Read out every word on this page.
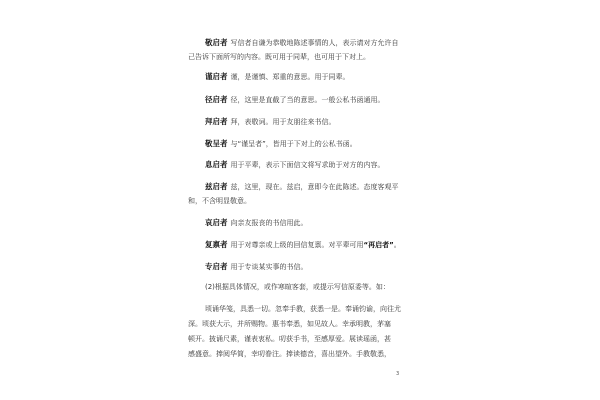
敬启者 写信者自谦为恭敬地陈述事情的人，表示请对方允许自
己告诉下面所写的内容。既可用于同辈，也可用于下对上。
谨启者 谨，是谨慎、郑重的意思。用于同辈。
径启者 径，这里是直截了当的意思。一般公私书函通用。
拜启者 拜，表敬词。用于友朋往来书信。
敬呈者 与“谨呈者”，皆用于下对上的公私书函。
息启者 用于平辈，表示下面信文将写求助于对方的内容。
兹启者 兹，这里，现在。兹启，意即今在此陈述。态度客观平
和，不含明显敬意。
哀启者 向亲友报丧的书信用此。
复禀者 用于对尊亲或上级的回信复禀。对平辈可用“再启者”。
专启者 用于专谈某实事的书信。
(2)根据具体情况，或作寒暄客套，或提示写信原委等。如：
顷诵华笺，具悉一切。忽奉手教，获悉一是。奉诵钧谕，向往尤
深。顷获大示，并所赐物。惠书奉悉，如见故人。幸承明教，茅塞
顿开。披诵尺素，谨表衷私。叨获手书，至感厚爱。展读瑶函，甚
感盛意。捧阅华简，幸叨眷注。捧读德音，喜出望外。手教敬悉，
3
